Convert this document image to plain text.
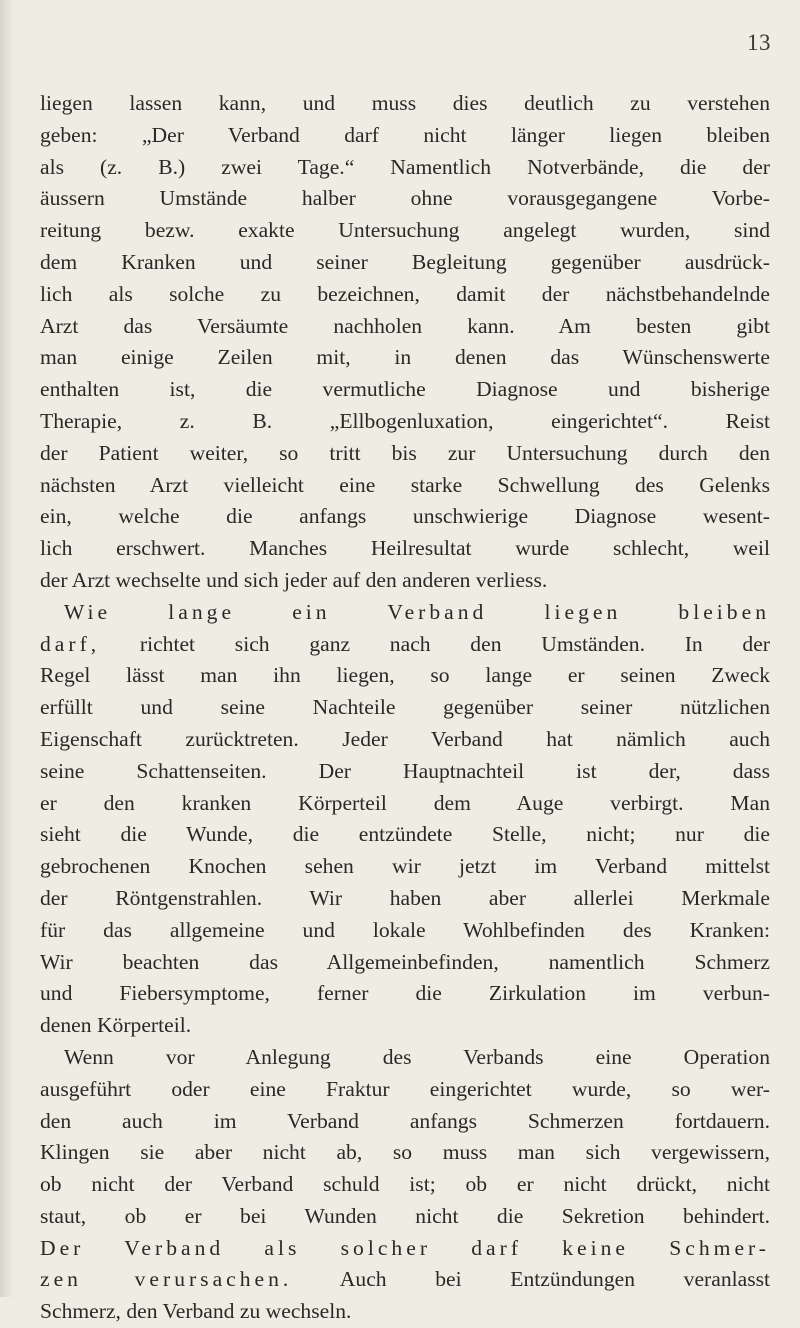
13
liegen lassen kann, und muss dies deutlich zu verstehen
geben: „Der Verband darf nicht länger liegen bleiben
als (z. B.) zwei Tage.“ Namentlich Notverbände, die der
äussern Umstände halber ohne vorausgegangene Vorbe-
reitung bezw. exakte Untersuchung angelegt wurden, sind
dem Kranken und seiner Begleitung gegenüber ausdrück-
lich als solche zu bezeichnen, damit der nächstbehandelnde
Arzt das Versäumte nachholen kann. Am besten gibt
man einige Zeilen mit, in denen das Wünschenswerte
enthalten ist, die vermutliche Diagnose und bisherige
Therapie, z. B. „Ellbogenluxation, eingerichtet“. Reist
der Patient weiter, so tritt bis zur Untersuchung durch den
nächsten Arzt vielleicht eine starke Schwellung des Gelenks
ein, welche die anfangs unschwierige Diagnose wesent-
lich erschwert. Manches Heilresultat wurde schlecht, weil
der Arzt wechselte und sich jeder auf den anderen verliess.
Wie lange ein Verband liegen bleiben
darf, richtet sich ganz nach den Umständen. In der
Regel lässt man ihn liegen, so lange er seinen Zweck
erfüllt und seine Nachteile gegenüber seiner nützlichen
Eigenschaft zurücktreten. Jeder Verband hat nämlich auch
seine Schattenseiten. Der Hauptnachteil ist der, dass
er den kranken Körperteil dem Auge verbirgt. Man
sieht die Wunde, die entzündete Stelle, nicht; nur die
gebrochenen Knochen sehen wir jetzt im Verband mittelst
der Röntgenstrahlen. Wir haben aber allerlei Merkmale
für das allgemeine und lokale Wohlbefinden des Kranken:
Wir beachten das Allgemeinbefinden, namentlich Schmerz
und Fiebersymptome, ferner die Zirkulation im verbun-
denen Körperteil.
Wenn vor Anlegung des Verbands eine Operation
ausgeführt oder eine Fraktur eingerichtet wurde, so wer-
den auch im Verband anfangs Schmerzen fortdauern.
Klingen sie aber nicht ab, so muss man sich vergewissern,
ob nicht der Verband schuld ist; ob er nicht drückt, nicht
staut, ob er bei Wunden nicht die Sekretion behindert.
Der Verband als solcher darf keine Schmer-
zen verursachen. Auch bei Entzündungen veranlasst
Schmerz, den Verband zu wechseln.
